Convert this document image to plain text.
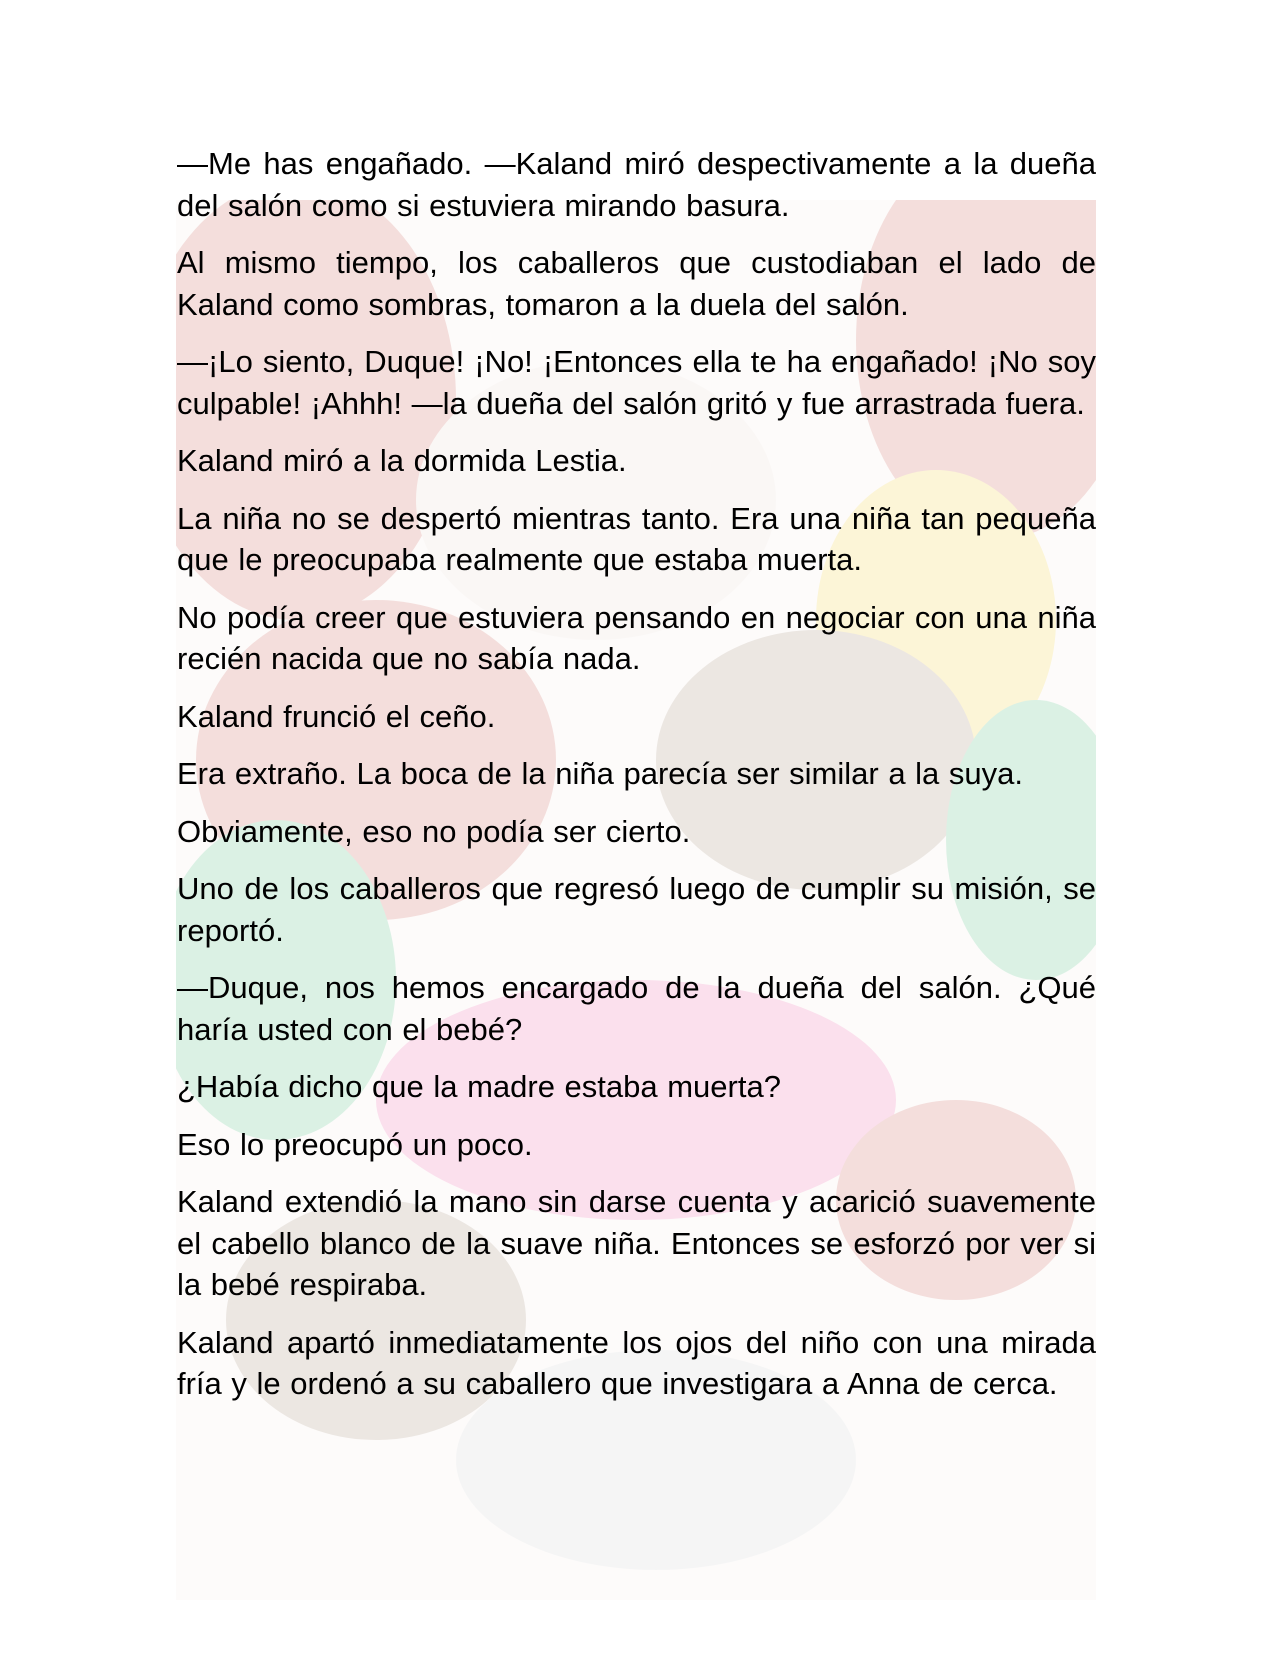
—Me has engañado. —Kaland miró despectivamente a la dueña del salón como si estuviera mirando basura.

Al mismo tiempo, los caballeros que custodiaban el lado de Kaland como sombras, tomaron a la duela del salón.

—¡Lo siento, Duque! ¡No! ¡Entonces ella te ha engañado! ¡No soy culpable! ¡Ahhh! —la dueña del salón gritó y fue arrastrada fuera.

Kaland miró a la dormida Lestia.

La niña no se despertó mientras tanto. Era una niña tan pequeña que le preocupaba realmente que estaba muerta.

No podía creer que estuviera pensando en negociar con una niña recién nacida que no sabía nada.

Kaland frunció el ceño.

Era extraño. La boca de la niña parecía ser similar a la suya.

Obviamente, eso no podía ser cierto.

Uno de los caballeros que regresó luego de cumplir su misión, se reportó.

—Duque, nos hemos encargado de la dueña del salón. ¿Qué haría usted con el bebé?

¿Había dicho que la madre estaba muerta?

Eso lo preocupó un poco.

Kaland extendió la mano sin darse cuenta y acarició suavemente el cabello blanco de la suave niña. Entonces se esforzó por ver si la bebé respiraba.

Kaland apartó inmediatamente los ojos del niño con una mirada fría y le ordenó a su caballero que investigara a Anna de cerca.
